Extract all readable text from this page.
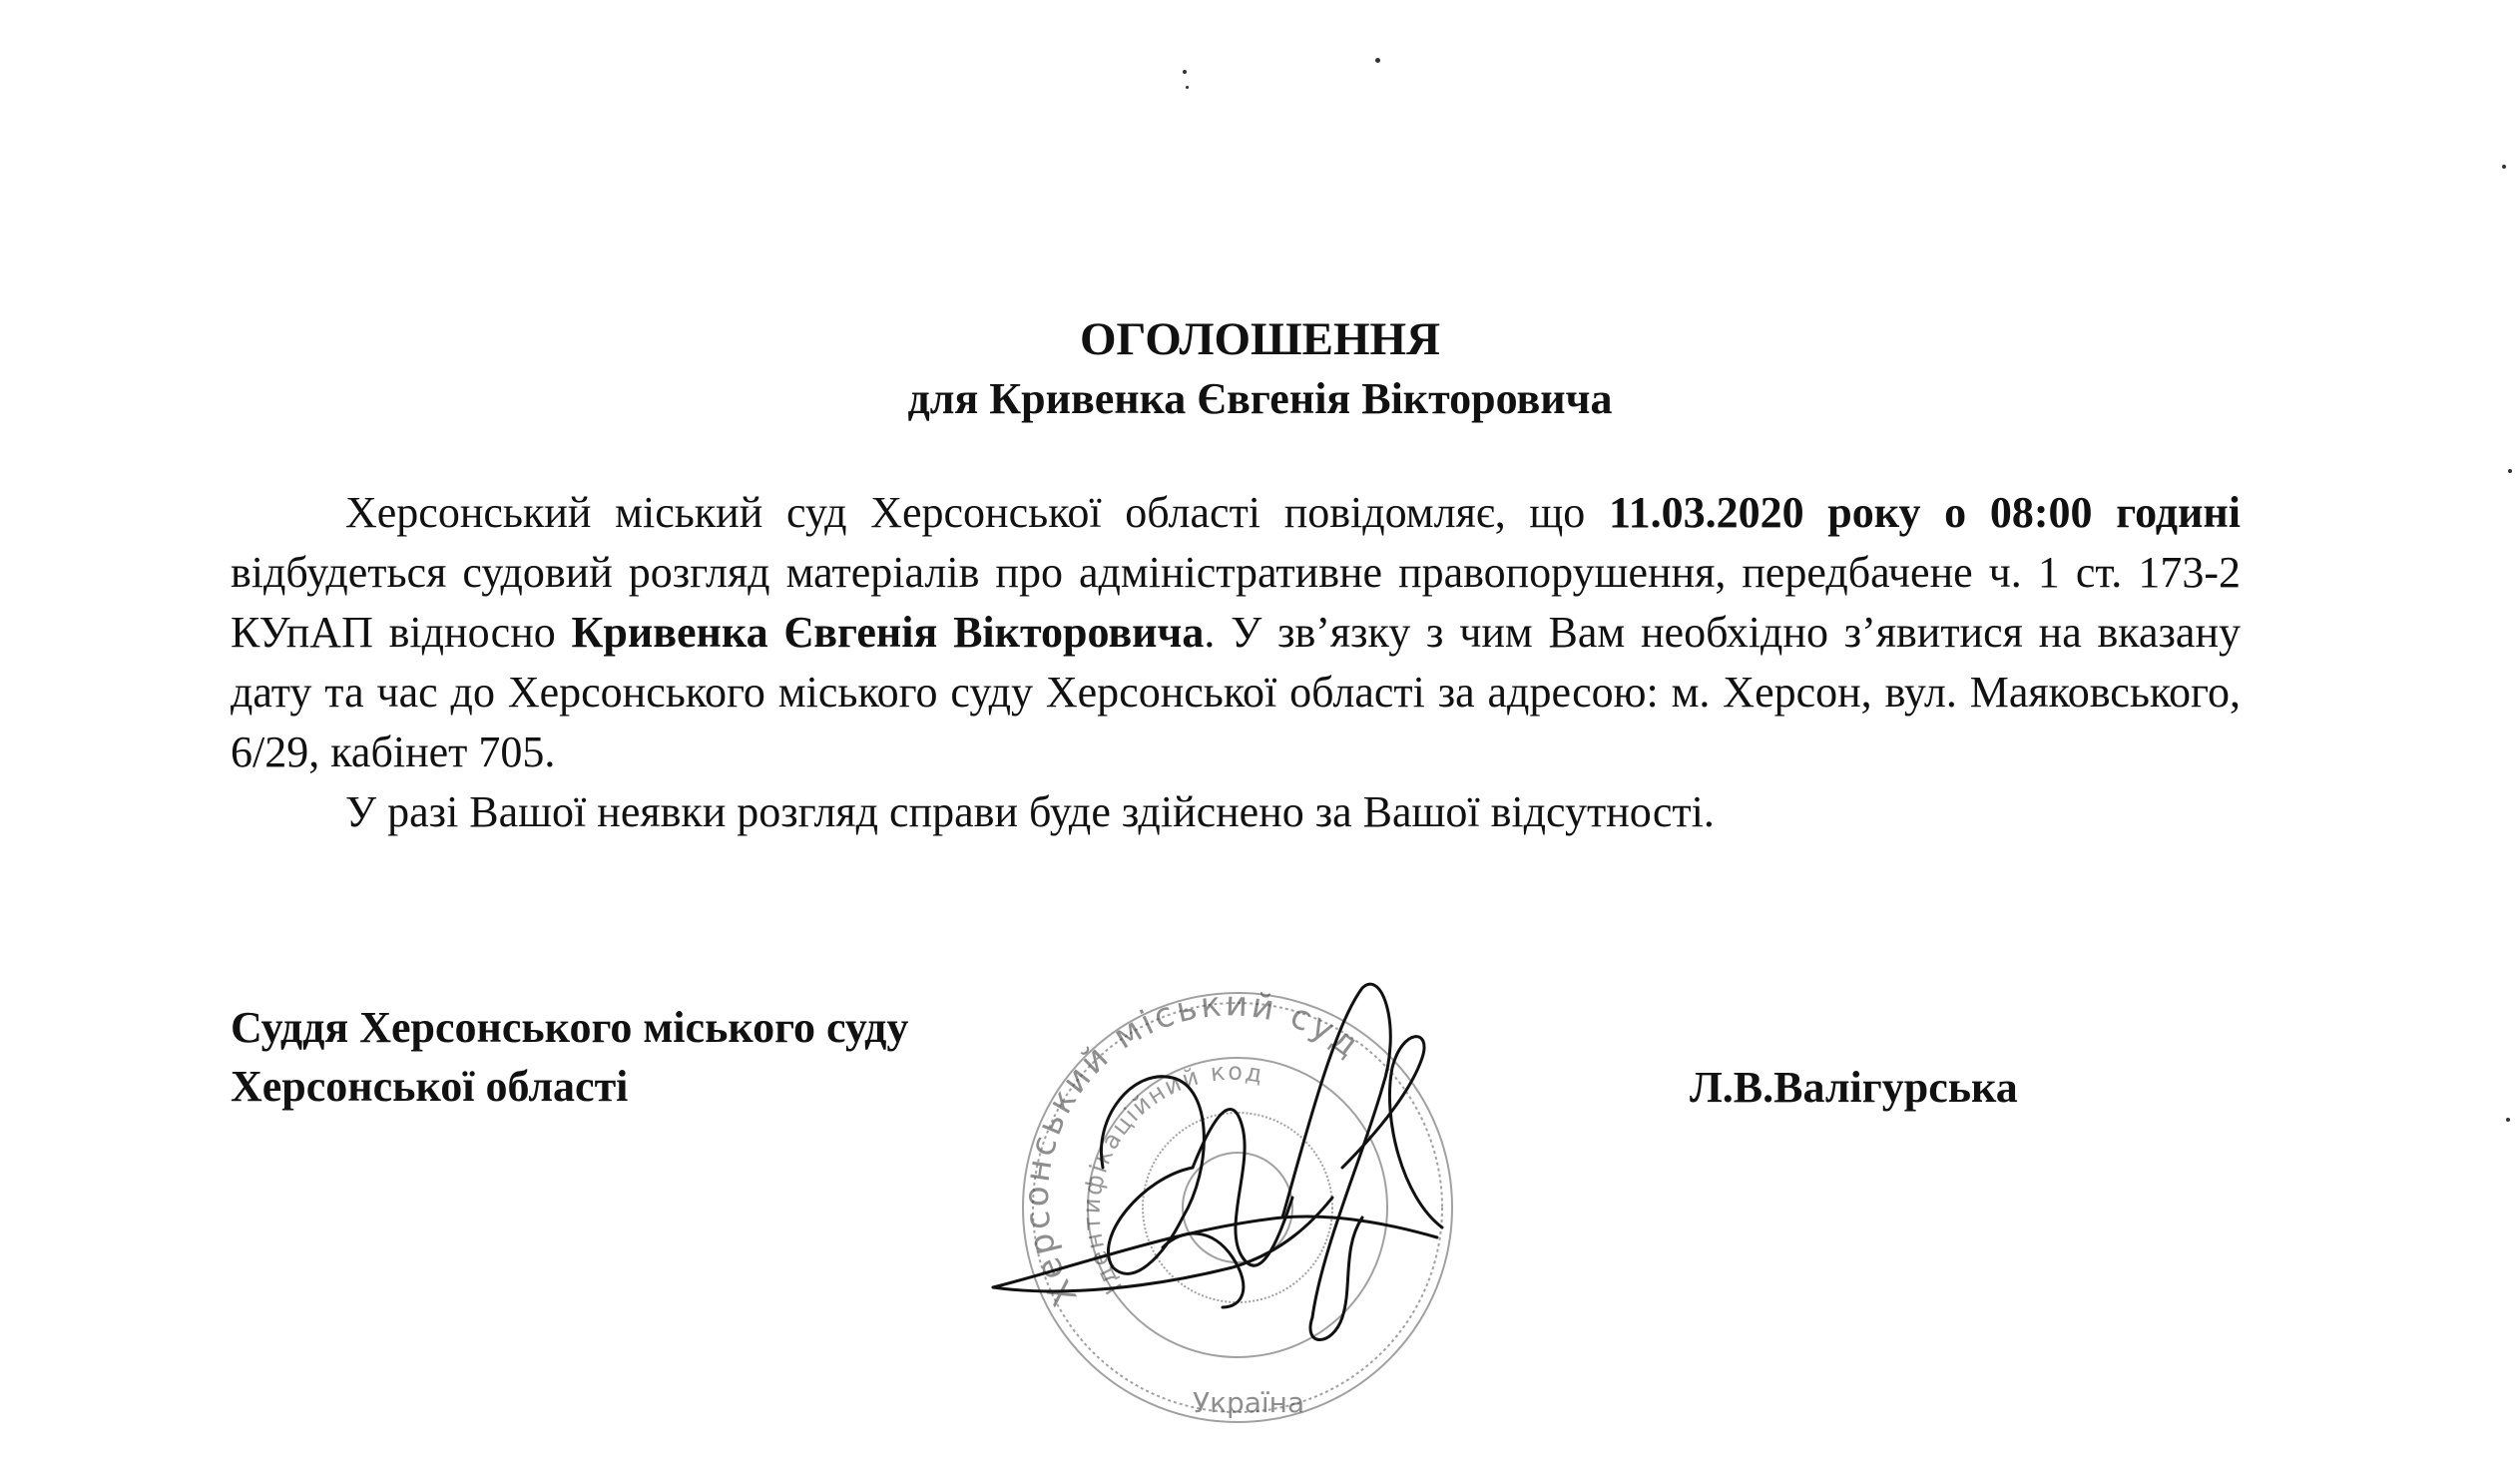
ОГОЛОШЕННЯ
для Кривенка Євгенія Вікторовича

Херсонський міський суд Херсонської області повідомляє, що 11.03.2020 року о 08:00 годині відбудеться судовий розгляд матеріалів про адміністративне правопорушення, передбачене ч. 1 ст. 173-2 КУпАП відносно Кривенка Євгенія Вікторовича. У зв’язку з чим Вам необхідно з’явитися на вказану дату та час до Херсонського міського суду Херсонської області за адресою: м. Херсон, вул. Маяковського, 6/29, кабінет 705.

У разі Вашої неявки розгляд справи буде здійснено за Вашої відсутності.

Суддя Херсонського міського суду
Херсонської області	Л.В.Валігурська
Херсонський міський суд
Ідентифікаційний код
Україна
